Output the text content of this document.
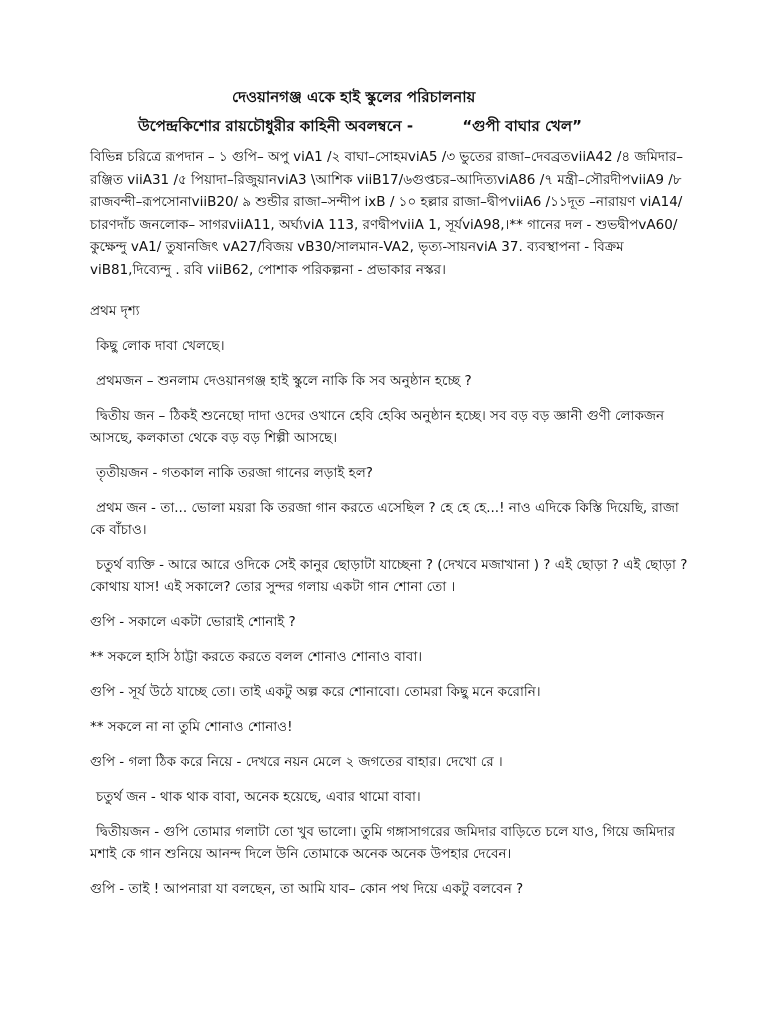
দেওয়ানগঞ্জ একে হাই স্কুলের পরিচালনায়
উপেন্দ্রকিশোর রায়চৌধুরীর কাহিনী অবলম্বনে -	“গুপী বাঘার খেল”
বিভিন্ন চরিত্রে রূপদান – ১ গুপি– অপু viA1 /২ বাঘা–সোহমviA5 /৩ ভুতের রাজা–দেবব্রতviiA42 /৪ জমিদার–রঞ্জিত viiA31 /৫ পিয়াদা–রিজুয়ানviA3 \আশিক viiB17/৬গুপ্তচর–আদিত্যviA86 /৭ মন্ত্রী–সৌরদীপviiA9 /৮ রাজবন্দী–রূপসোনাviiB20/ ৯ শুন্ডীর রাজা–সন্দীপ ixB / ১০ হল্লার রাজা–দ্বীপviiA6 /১১দূত –নারায়ণ viA14/চারণদাঁচ জনলোক– সাগরviiA11, অর্ঘ্যviA 113, রণদ্বীপviiA 1, সূর্যviA98,।** গানের দল - শুভদ্বীপvA60/ কুক্ষেন্দু vA1/ তুষানজিৎ vA27/বিজয় vB30/সালমান-VA2, ভৃত্য-সায়নviA 37. ব্যবস্থাপনা - বিক্রম viB81,দিব্যেন্দু . রবি viiB62, পোশাক পরিকল্পনা - প্রভাকার নস্কর।

প্রথম দৃশ্য

কিছু লোক দাবা খেলছে।

প্রথমজন – শুনলাম দেওয়ানগঞ্জ হাই স্কুলে নাকি কি সব অনুষ্ঠান হচ্ছে ?

দ্বিতীয় জন – ঠিকই শুনেছো দাদা ওদের ওখানে হেবি হেব্বি অনুষ্ঠান হচ্ছে। সব বড় বড় জ্ঞানী গুণী লোকজন আসছে, কলকাতা থেকে বড় বড় শিল্পী আসছে।

তৃতীয়জন - গতকাল নাকি তরজা গানের লড়াই হল?

প্রথম জন - তা... ভোলা ময়রা কি তরজা গান করতে এসেছিল ? হে হে হে...! নাও এদিকে কিস্তি দিয়েছি, রাজা কে বাঁচাও।

চতুর্থ ব্যক্তি - আরে আরে ওদিকে সেই কানুর ছোড়াটা যাচ্ছেনা ? (দেখবে মজাখানা ) ? এই ছোড়া ? এই ছোড়া ? কোথায় যাস! এই সকালে? তোর সুন্দর গলায় একটা গান শোনা তো ।

গুপি - সকালে একটা ভোরাই শোনাই ?

** সকলে হাসি ঠাট্টা করতে করতে বলল শোনাও শোনাও বাবা।

গুপি - সূর্য উঠে যাচ্ছে তো। তাই একটু অল্প করে শোনাবো। তোমরা কিছু মনে করোনি।

** সকলে না না তুমি শোনাও শোনাও!

গুপি - গলা ঠিক করে নিয়ে - দেখরে নয়ন মেলে ২ জগতের বাহার। দেখো রে ।

চতুর্থ জন - থাক থাক বাবা, অনেক হয়েছে, এবার থামো বাবা।

দ্বিতীয়জন - গুপি তোমার গলাটা তো খুব ভালো। তুমি গঙ্গাসাগরের জমিদার বাড়িতে চলে যাও, গিয়ে জমিদার মশাই কে গান শুনিয়ে আনন্দ দিলে উনি তোমাকে অনেক অনেক উপহার দেবেন।

গুপি - তাই ! আপনারা যা বলছেন, তা আমি যাব– কোন পথ দিয়ে একটু বলবেন ?
